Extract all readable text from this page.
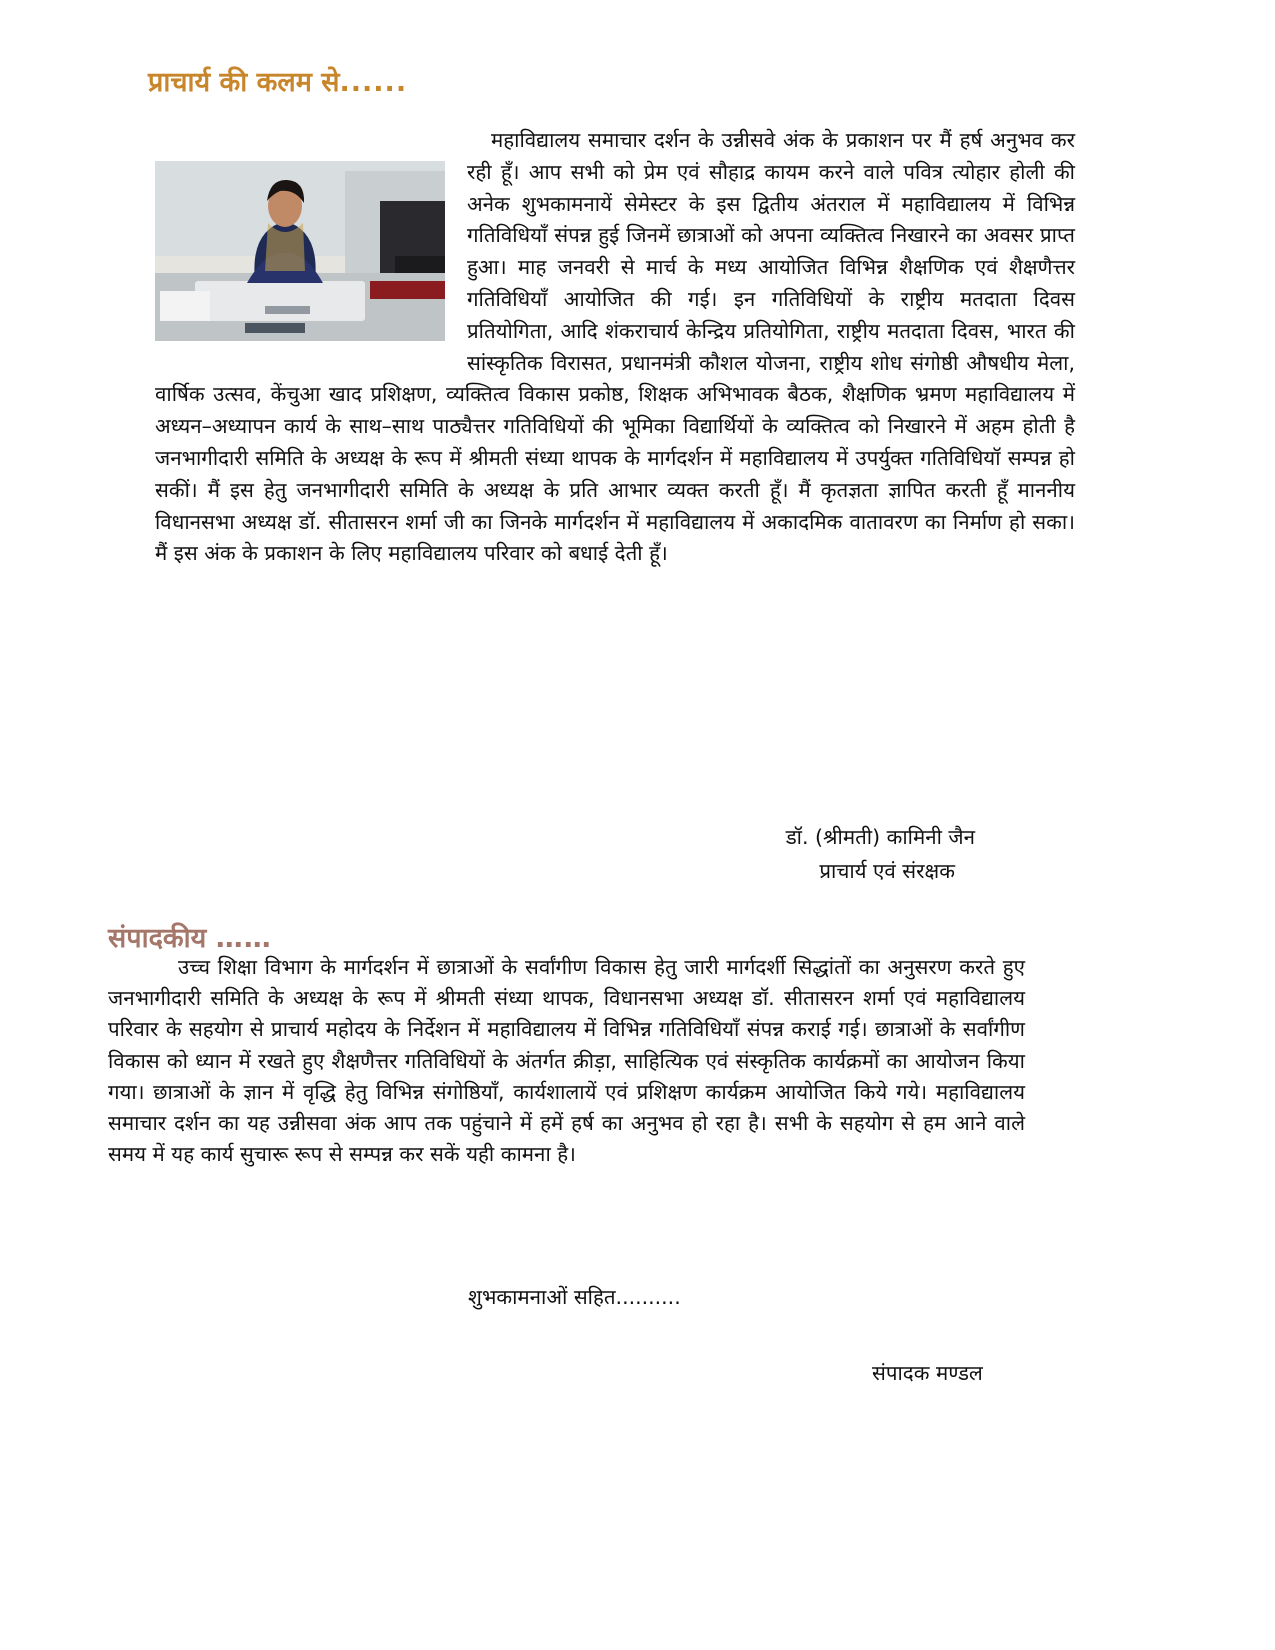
प्राचार्य की कलम से......

महाविद्यालय समाचार दर्शन के उन्नीसवे अंक के प्रकाशन पर मैं हर्ष अनुभव कर रही हूँ। आप सभी को प्रेम एवं सौहाद्र कायम करने वाले पवित्र त्योहार होली की अनेक शुभकामनायें सेमेस्टर के इस द्वितीय अंतराल में महाविद्यालय में विभिन्न गतिविधियाँ संपन्न हुई जिनमें छात्राओं को अपना व्यक्तित्व निखारने का अवसर प्राप्त हुआ। माह जनवरी से मार्च के मध्य आयोजित विभिन्न शैक्षणिक एवं शैक्षणैत्तर गतिविधियाँ आयोजित की गई। इन गतिविधियों के राष्ट्रीय मतदाता दिवस प्रतियोगिता, आदि शंकराचार्य केन्द्रिय प्रतियोगिता, राष्ट्रीय मतदाता दिवस, भारत की सांस्कृतिक विरासत, प्रधानमंत्री कौशल योजना, राष्ट्रीय शोध संगोष्ठी औषधीय मेला, वार्षिक उत्सव, केंचुआ खाद प्रशिक्षण, व्यक्तित्व विकास प्रकोष्ठ, शिक्षक अभिभावक बैठक, शैक्षणिक भ्रमण महाविद्यालय में अध्यन–अध्यापन कार्य के साथ–साथ पाठ्यैत्तर गतिविधियों की भूमिका विद्यार्थियों के व्यक्तित्व को निखारने में अहम होती है जनभागीदारी समिति के अध्यक्ष के रूप में श्रीमती संध्या थापक के मार्गदर्शन में महाविद्यालय में उपर्युक्त गतिविधियॉ सम्पन्न हो सकीं। मैं इस हेतु जनभागीदारी समिति के अध्यक्ष के प्रति आभार व्यक्त करती हूँ। मैं कृतज्ञता ज्ञापित करती हूँ माननीय विधानसभा अध्यक्ष डॉ. सीतासरन शर्मा जी का जिनके मार्गदर्शन में महाविद्यालय में अकादमिक वातावरण का निर्माण हो सका। मैं इस अंक के प्रकाशन के लिए महाविद्यालय परिवार को बधाई देती हूँ।

डॉ. (श्रीमती) कामिनी जैन
प्राचार्य एवं संरक्षक
संपादकीय ……

उच्च शिक्षा विभाग के मार्गदर्शन में छात्राओं के सर्वांगीण विकास हेतु जारी मार्गदर्शी सिद्धांतों का अनुसरण करते हुए जनभागीदारी समिति के अध्यक्ष के रूप में श्रीमती संध्या थापक, विधानसभा अध्यक्ष डॉ. सीतासरन शर्मा एवं महाविद्यालय परिवार के सहयोग से प्राचार्य महोदय के निर्देशन में महाविद्यालय में विभिन्न गतिविधियाँ संपन्न कराई गई। छात्राओं के सर्वांगीण विकास को ध्यान में रखते हुए शैक्षणैत्तर गतिविधियों के अंतर्गत क्रीड़ा, साहित्यिक एवं संस्कृतिक कार्यक्रमों का आयोजन किया गया। छात्राओं के ज्ञान में वृद्धि हेतु विभिन्न संगोष्ठियाँ, कार्यशालायें एवं प्रशिक्षण कार्यक्रम आयोजित किये गये। महाविद्यालय समाचार दर्शन का यह उन्नीसवा अंक आप तक पहुंचाने में हमें हर्ष का अनुभव हो रहा है। सभी के सहयोग से हम आने वाले समय में यह कार्य सुचारू रूप से सम्पन्न कर सकें यही कामना है।

शुभकामनाओं सहित..........
संपादक मण्डल
